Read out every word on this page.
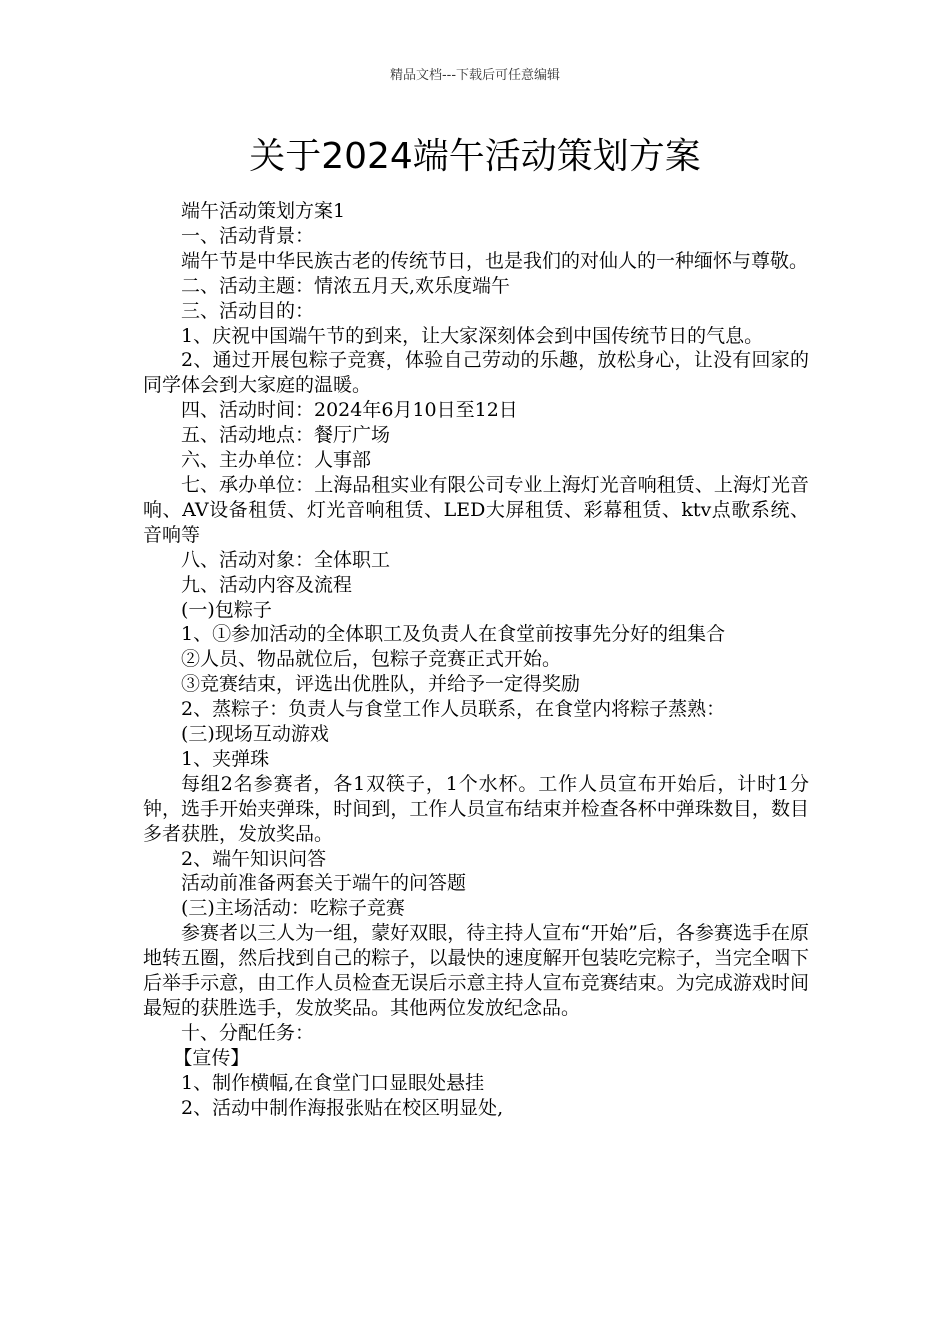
精品文档---下载后可任意编辑
关于2024端午活动策划方案

端午活动策划方案1

一、活动背景：

端午节是中华民族古老的传统节日，也是我们的对仙人的一种缅怀与尊敬。

二、活动主题：情浓五月天,欢乐度端午

三、活动目的：

1、庆祝中国端午节的到来，让大家深刻体会到中国传统节日的气息。

2、通过开展包粽子竞赛，体验自己劳动的乐趣，放松身心，让没有回家的同学体会到大家庭的温暖。

四、活动时间：2024年6月10日至12日

五、活动地点：餐厅广场

六、主办单位：人事部

七、承办单位：上海品租实业有限公司专业上海灯光音响租赁、上海灯光音响、AV设备租赁、灯光音响租赁、LED大屏租赁、彩幕租赁、ktv点歌系统、音响等

八、活动对象：全体职工

九、活动内容及流程

(一)包粽子

1、①参加活动的全体职工及负责人在食堂前按事先分好的组集合

②人员、物品就位后，包粽子竞赛正式开始。

③竞赛结束，评选出优胜队，并给予一定得奖励

2、蒸粽子：负责人与食堂工作人员联系，在食堂内将粽子蒸熟：

(三)现场互动游戏

1、夹弹珠

每组2名参赛者，各1双筷子，1个水杯。工作人员宣布开始后，计时1分钟，选手开始夹弹珠，时间到，工作人员宣布结束并检查各杯中弹珠数目，数目多者获胜，发放奖品。

2、端午知识问答

活动前准备两套关于端午的问答题

(三)主场活动：吃粽子竞赛

参赛者以三人为一组，蒙好双眼，待主持人宣布“开始”后，各参赛选手在原地转五圈，然后找到自己的粽子，以最快的速度解开包装吃完粽子，当完全咽下后举手示意，由工作人员检查无误后示意主持人宣布竞赛结束。为完成游戏时间最短的获胜选手，发放奖品。其他两位发放纪念品。

十、分配任务：

【宣传】

1、制作横幅,在食堂门口显眼处悬挂

2、活动中制作海报张贴在校区明显处,
